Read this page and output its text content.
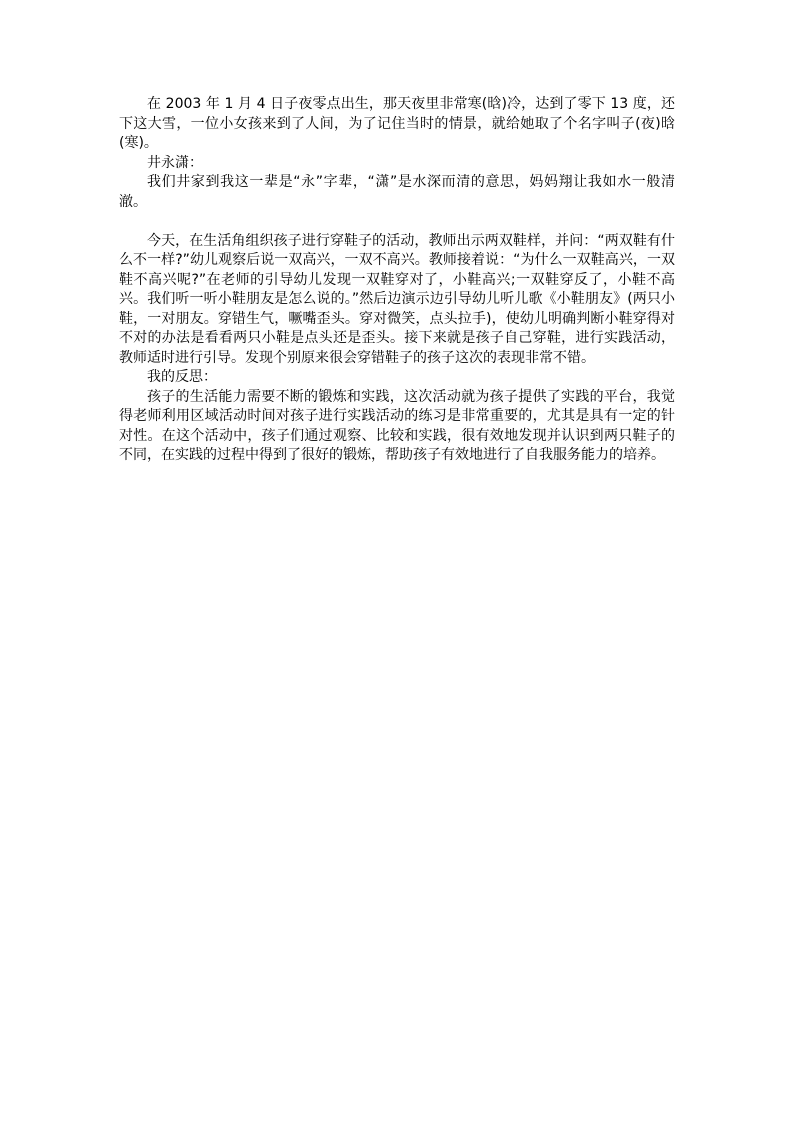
在 2003 年 1 月 4 日子夜零点出生，那天夜里非常寒(晗)冷，达到了零下 13 度，还下这大雪，一位小女孩来到了人间，为了记住当时的情景，就给她取了个名字叫子(夜)晗(寒)。

井永潇：

我们井家到我这一辈是“永”字辈，“潇”是水深而清的意思，妈妈翔让我如水一般清澈。

今天，在生活角组织孩子进行穿鞋子的活动，教师出示两双鞋样，并问：“两双鞋有什么不一样?”幼儿观察后说一双高兴，一双不高兴。教师接着说：“为什么一双鞋高兴，一双鞋不高兴呢?”在老师的引导幼儿发现一双鞋穿对了，小鞋高兴;一双鞋穿反了，小鞋不高兴。我们听一听小鞋朋友是怎么说的。”然后边演示边引导幼儿听儿歌《小鞋朋友》(两只小鞋，一对朋友。穿错生气，噘嘴歪头。穿对微笑，点头拉手)，使幼儿明确判断小鞋穿得对不对的办法是看看两只小鞋是点头还是歪头。接下来就是孩子自己穿鞋，进行实践活动，教师适时进行引导。发现个别原来很会穿错鞋子的孩子这次的表现非常不错。

我的反思：

孩子的生活能力需要不断的锻炼和实践，这次活动就为孩子提供了实践的平台，我觉得老师利用区域活动时间对孩子进行实践活动的练习是非常重要的，尤其是具有一定的针对性。在这个活动中，孩子们通过观察、比较和实践，很有效地发现并认识到两只鞋子的不同，在实践的过程中得到了很好的锻炼，帮助孩子有效地进行了自我服务能力的培养。
